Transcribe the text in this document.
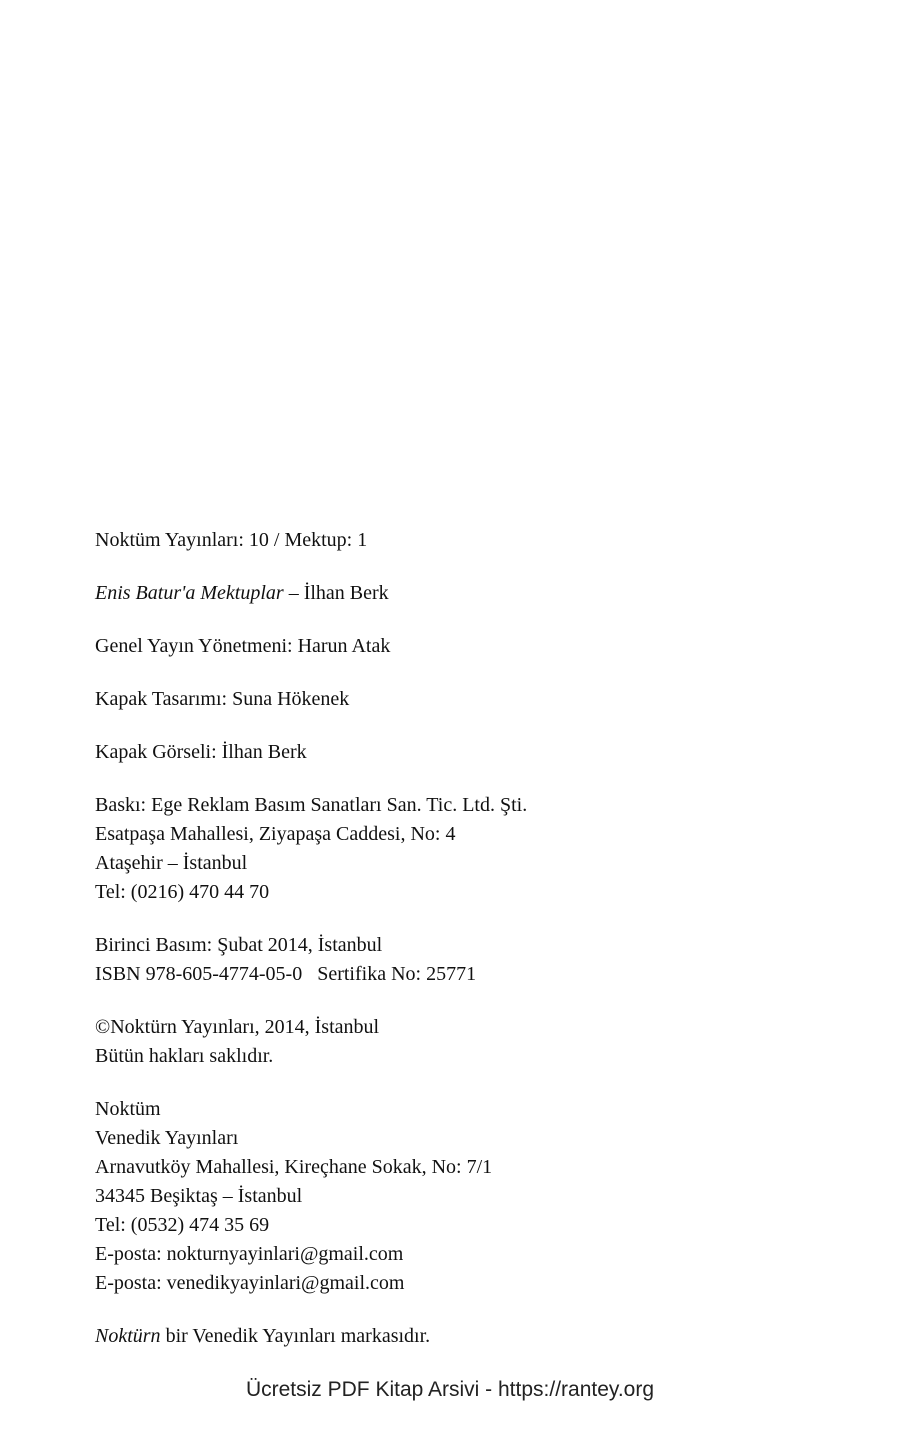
Noktüm Yayınları: 10 / Mektup: 1

Enis Batur'a Mektuplar – İlhan Berk

Genel Yayın Yönetmeni: Harun Atak

Kapak Tasarımı: Suna Hökenek

Kapak Görseli: İlhan Berk

Baskı: Ege Reklam Basım Sanatları San. Tic. Ltd. Şti.

Esatpaşa Mahallesi, Ziyapaşa Caddesi, No: 4

Ataşehir – İstanbul

Tel: (0216) 470 44 70

Birinci Basım: Şubat 2014, İstanbul

ISBN 978-605-4774-05-0   Sertifika No: 25771

©Noktürn Yayınları, 2014, İstanbul

Bütün hakları saklıdır.

Noktüm

Venedik Yayınları

Arnavutköy Mahallesi, Kireçhane Sokak, No: 7/1

34345 Beşiktaş – İstanbul

Tel: (0532) 474 35 69

E-posta: nokturnyayinlari@gmail.com

E-posta: venedikyayinlari@gmail.com

Noktürn bir Venedik Yayınları markasıdır.

Ücretsiz PDF Kitap Arsivi - https://rantey.org
